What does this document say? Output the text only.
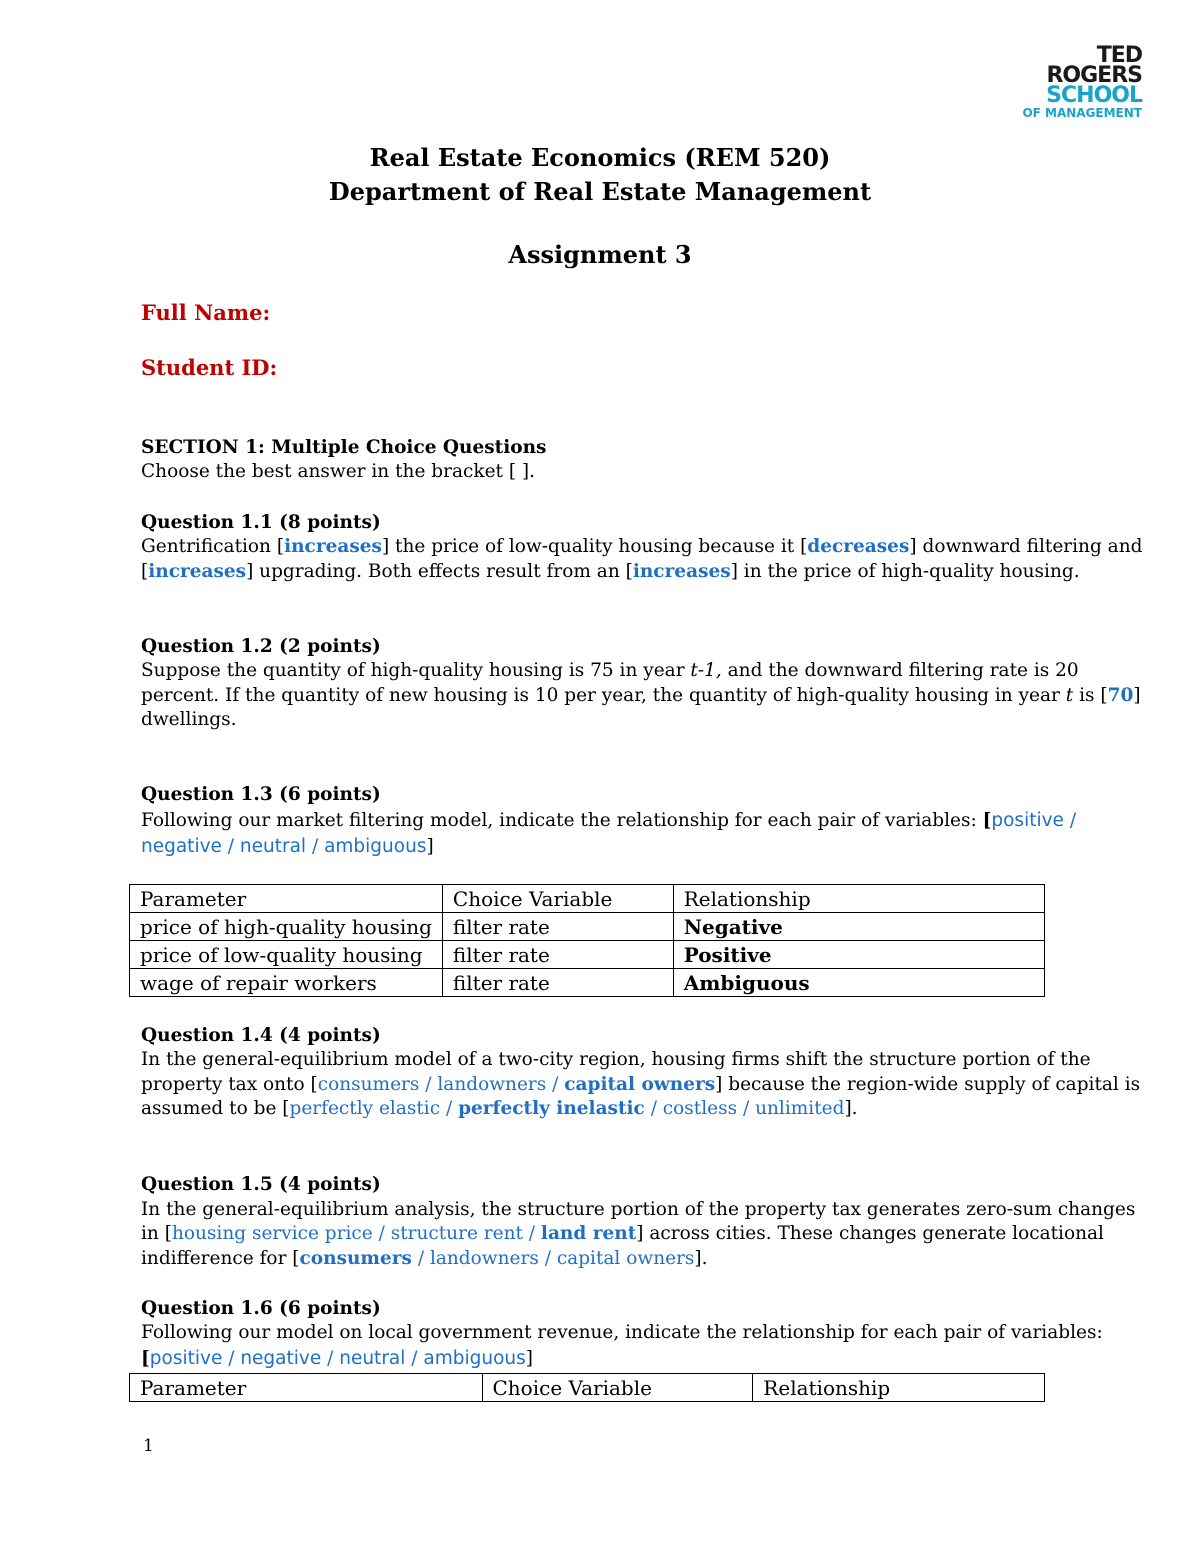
TED
ROGERS
SCHOOL
OF MANAGEMENT
Real Estate Economics (REM 520)
Department of Real Estate Management
Assignment 3
Full Name:
Student ID:
SECTION 1: Multiple Choice Questions
Choose the best answer in the bracket [ ].
Question 1.1 (8 points)
Gentrification [increases] the price of low-quality housing because it [decreases] downward filtering and
[increases] upgrading. Both effects result from an [increases] in the price of high-quality housing.
Question 1.2 (2 points)
Suppose the quantity of high-quality housing is 75 in year t-1, and the downward filtering rate is 20
percent. If the quantity of new housing is 10 per year, the quantity of high-quality housing in year t is [70]
dwellings.
Question 1.3 (6 points)
Following our market filtering model, indicate the relationship for each pair of variables: [positive /
negative / neutral / ambiguous]
Parameter	Choice Variable	Relationship
price of high-quality housing	filter rate	Negative
price of low-quality housing	filter rate	Positive
wage of repair workers	filter rate	Ambiguous
Question 1.4 (4 points)
In the general-equilibrium model of a two-city region, housing firms shift the structure portion of the
property tax onto [consumers / landowners / capital owners] because the region-wide supply of capital is
assumed to be [perfectly elastic / perfectly inelastic / costless / unlimited].
Question 1.5 (4 points)
In the general-equilibrium analysis, the structure portion of the property tax generates zero-sum changes
in [housing service price / structure rent / land rent] across cities. These changes generate locational
indifference for [consumers / landowners / capital owners].
Question 1.6 (6 points)
Following our model on local government revenue, indicate the relationship for each pair of variables:
[positive / negative / neutral / ambiguous]
Parameter	Choice Variable	Relationship
1
